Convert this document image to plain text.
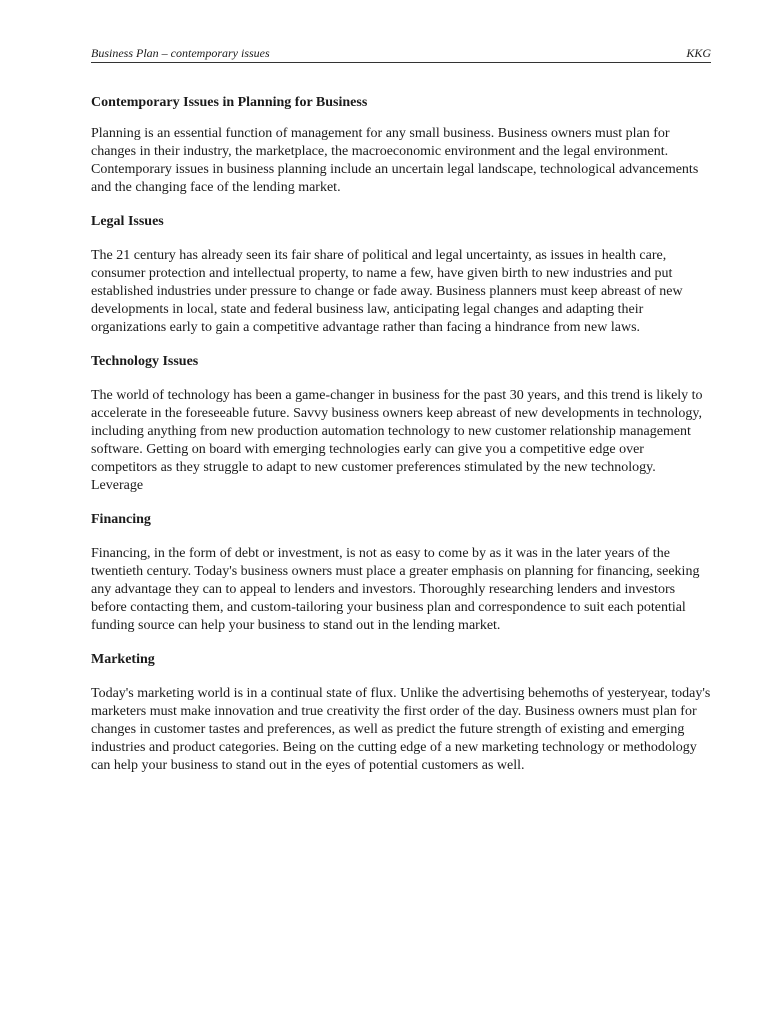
Business Plan – contemporary issues	KKG
Contemporary Issues in Planning for Business

Planning is an essential function of management for any small business. Business owners must plan for changes in their industry, the marketplace, the macroeconomic environment and the legal environment. Contemporary issues in business planning include an uncertain legal landscape, technological advancements and the changing face of the lending market.

Legal Issues

The 21 century has already seen its fair share of political and legal uncertainty, as issues in health care, consumer protection and intellectual property, to name a few, have given birth to new industries and put established industries under pressure to change or fade away. Business planners must keep abreast of new developments in local, state and federal business law, anticipating legal changes and adapting their organizations early to gain a competitive advantage rather than facing a hindrance from new laws.

Technology Issues

The world of technology has been a game-changer in business for the past 30 years, and this trend is likely to accelerate in the foreseeable future. Savvy business owners keep abreast of new developments in technology, including anything from new production automation technology to new customer relationship management software. Getting on board with emerging technologies early can give you a competitive edge over competitors as they struggle to adapt to new customer preferences stimulated by the new technology. Leverage

Financing

Financing, in the form of debt or investment, is not as easy to come by as it was in the later years of the twentieth century. Today's business owners must place a greater emphasis on planning for financing, seeking any advantage they can to appeal to lenders and investors. Thoroughly researching lenders and investors before contacting them, and custom-tailoring your business plan and correspondence to suit each potential funding source can help your business to stand out in the lending market.

Marketing

Today's marketing world is in a continual state of flux. Unlike the advertising behemoths of yesteryear, today's marketers must make innovation and true creativity the first order of the day. Business owners must plan for changes in customer tastes and preferences, as well as predict the future strength of existing and emerging industries and product categories. Being on the cutting edge of a new marketing technology or methodology can help your business to stand out in the eyes of potential customers as well.
